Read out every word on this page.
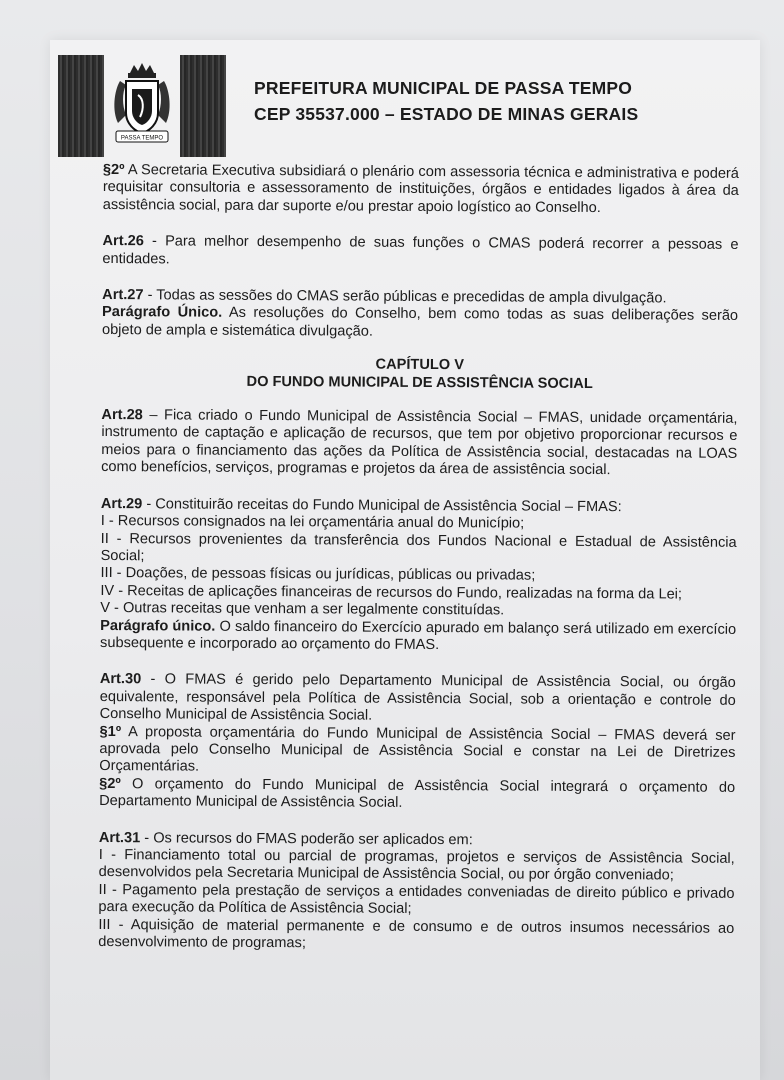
PASSA TEMPO
PREFEITURA MUNICIPAL DE PASSA TEMPO
CEP 35537.000 – ESTADO DE MINAS GERAIS

§2º A Secretaria Executiva subsidiará o plenário com assessoria técnica e administrativa e poderá requisitar consultoria e assessoramento de instituições, órgãos e entidades ligados à área da assistência social, para dar suporte e/ou prestar apoio logístico ao Conselho.

Art.26 - Para melhor desempenho de suas funções o CMAS poderá recorrer a pessoas e entidades.

Art.27 - Todas as sessões do CMAS serão públicas e precedidas de ampla divulgação.

Parágrafo Único. As resoluções do Conselho, bem como todas as suas deliberações serão objeto de ampla e sistemática divulgação.

CAPÍTULO V

DO FUNDO MUNICIPAL DE ASSISTÊNCIA SOCIAL

Art.28 – Fica criado o Fundo Municipal de Assistência Social – FMAS, unidade orçamentária, instrumento de captação e aplicação de recursos, que tem por objetivo proporcionar recursos e meios para o financiamento das ações da Política de Assistência social, destacadas na LOAS como benefícios, serviços, programas e projetos da área de assistência social.

Art.29 - Constituirão receitas do Fundo Municipal de Assistência Social – FMAS:

I - Recursos consignados na lei orçamentária anual do Município;

II - Recursos provenientes da transferência dos Fundos Nacional e Estadual de Assistência Social;

III - Doações, de pessoas físicas ou jurídicas, públicas ou privadas;

IV - Receitas de aplicações financeiras de recursos do Fundo, realizadas na forma da Lei;

V - Outras receitas que venham a ser legalmente constituídas.

Parágrafo único. O saldo financeiro do Exercício apurado em balanço será utilizado em exercício subsequente e incorporado ao orçamento do FMAS.

Art.30 - O FMAS é gerido pelo Departamento Municipal de Assistência Social, ou órgão equivalente, responsável pela Política de Assistência Social, sob a orientação e controle do Conselho Municipal de Assistência Social.

§1º A proposta orçamentária do Fundo Municipal de Assistência Social – FMAS deverá ser aprovada pelo Conselho Municipal de Assistência Social e constar na Lei de Diretrizes Orçamentárias.

§2º O orçamento do Fundo Municipal de Assistência Social integrará o orçamento do Departamento Municipal de Assistência Social.

Art.31 - Os recursos do FMAS poderão ser aplicados em:

I - Financiamento total ou parcial de programas, projetos e serviços de Assistência Social, desenvolvidos pela Secretaria Municipal de Assistência Social, ou por órgão conveniado;

II - Pagamento pela prestação de serviços a entidades conveniadas de direito público e privado para execução da Política de Assistência Social;

III - Aquisição de material permanente e de consumo e de outros insumos necessários ao desenvolvimento de programas;
